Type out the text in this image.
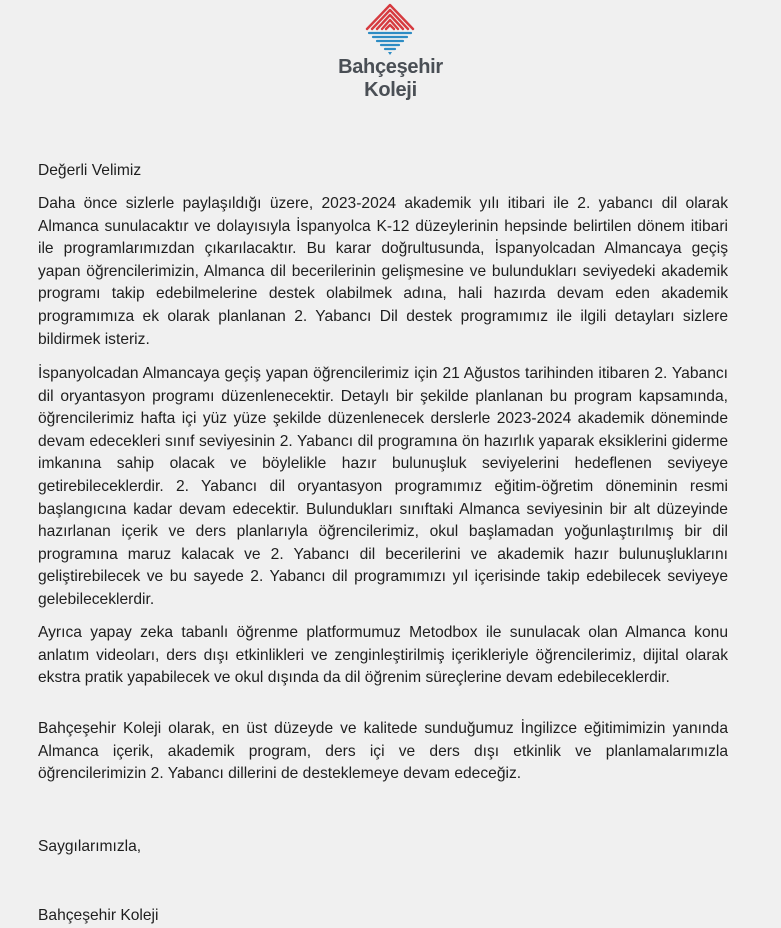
Bahçeşehir
Koleji

Değerli Velimiz

Daha önce sizlerle paylaşıldığı üzere, 2023-2024 akademik yılı itibari ile 2. yabancı dil olarak Almanca sunulacaktır ve dolayısıyla İspanyolca K-12 düzeylerinin hepsinde belirtilen dönem itibari ile programlarımızdan çıkarılacaktır. Bu karar doğrultusunda, İspanyolcadan Almancaya geçiş yapan öğrencilerimizin, Almanca dil becerilerinin gelişmesine ve bulundukları seviyedeki akademik programı takip edebilmelerine destek olabilmek adına, hali hazırda devam eden akademik programımıza ek olarak planlanan 2. Yabancı Dil destek programımız ile ilgili detayları sizlere bildirmek isteriz.

İspanyolcadan Almancaya geçiş yapan öğrencilerimiz için 21 Ağustos tarihinden itibaren 2. Yabancı dil oryantasyon programı düzenlenecektir. Detaylı bir şekilde planlanan bu program kapsamında, öğrencilerimiz hafta içi yüz yüze şekilde düzenlenecek derslerle 2023-2024 akademik döneminde devam edecekleri sınıf seviyesinin 2. Yabancı dil programına ön hazırlık yaparak eksiklerini giderme imkanına sahip olacak ve böylelikle hazır bulunuşluk seviyelerini hedeflenen seviyeye getirebileceklerdir. 2. Yabancı dil oryantasyon programımız eğitim-öğretim döneminin resmi başlangıcına kadar devam edecektir. Bulundukları sınıftaki Almanca seviyesinin bir alt düzeyinde hazırlanan içerik ve ders planlarıyla öğrencilerimiz, okul başlamadan yoğunlaştırılmış bir dil programına maruz kalacak ve 2. Yabancı dil becerilerini ve akademik hazır bulunuşluklarını geliştirebilecek ve bu sayede 2. Yabancı dil programımızı yıl içerisinde takip edebilecek seviyeye gelebileceklerdir.

Ayrıca yapay zeka tabanlı öğrenme platformumuz Metodbox ile sunulacak olan Almanca konu anlatım videoları, ders dışı etkinlikleri ve zenginleştirilmiş içerikleriyle öğrencilerimiz, dijital olarak ekstra pratik yapabilecek ve okul dışında da dil öğrenim süreçlerine devam edebileceklerdir.

Bahçeşehir Koleji olarak, en üst düzeyde ve kalitede sunduğumuz İngilizce eğitimimizin yanında Almanca içerik, akademik program, ders içi ve ders dışı etkinlik ve planlamalarımızla öğrencilerimizin 2. Yabancı dillerini de desteklemeye devam edeceğiz.

Saygılarımızla,

Bahçeşehir Koleji
